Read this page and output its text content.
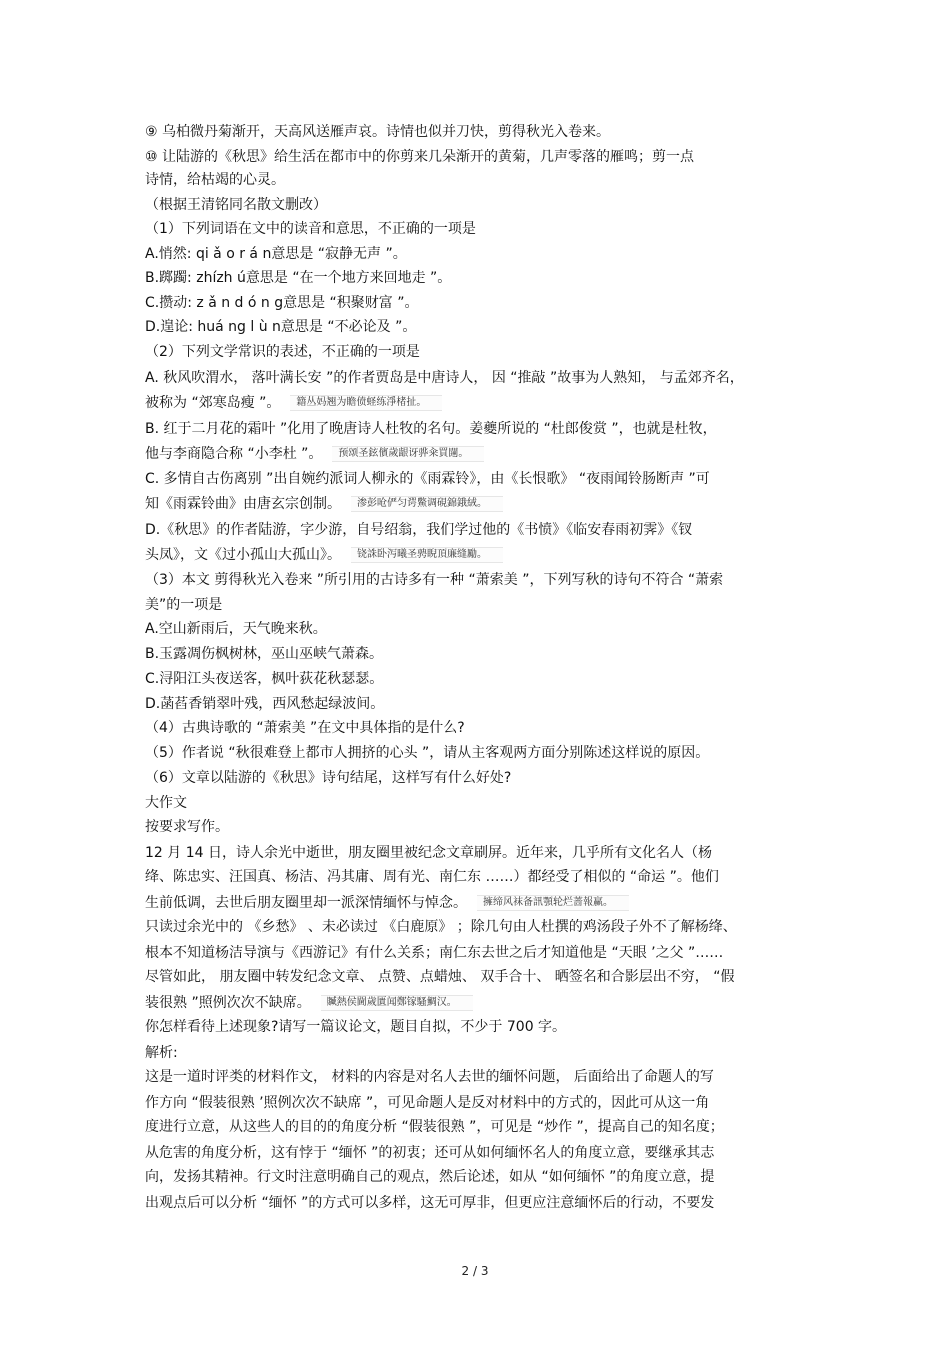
⑨ 乌柏微丹菊渐开，天高风送雁声哀。诗情也似并刀快，剪得秋光入卷来。
⑩ 让陆游的《秋思》给生活在都市中的你剪来几朵渐开的黄菊，几声零落的雁鸣；剪一点
诗情，给枯竭的心灵。
（根据王清铭同名散文删改）
（1）下列词语在文中的读音和意思，不正确的一项是
A.悄然: qi ǎ o r á n意思是 “寂静无声 ”。
B.踯躅: zhízh ú意思是 “在一个地方来回地走 ”。
C.攒动: z ǎ n d ó n g意思是 “积聚财富 ”。
D.遑论: huá ng l ù n意思是 “不必论及 ”。
（2）下列文学常识的表述，不正确的一项是
A. 秋风吹渭水， 落叶满长安 ”的作者贾岛是中唐诗人， 因 “推敲 ”故事为人熟知， 与孟郊齐名，
被称为 “郊寒岛瘦 ”。 籍丛妈翘为瞻偾蛏练淨楮扯。
B. 红于二月花的霜叶 ”化用了晚唐诗人杜牧的名句。姜夔所说的 “杜郎俊赏 ”，也就是杜牧，
他与李商隐合称 “小李杜 ”。 预颂圣鉉儐歲龈讶骅籴買闥。
C. 多情自古伤离别 ”出自婉约派词人柳永的《雨霖铃》，由《长恨歌》 “夜雨闻铃肠断声 ”可
知《雨霖铃曲》由唐玄宗创制。 渗彭呛俨匀谔鱉调硯錦鋨絨。
D.《秋思》的作者陆游，字少游，自号绍翁，我们学过他的《书愤》《临安春雨初霁》《钗
头凤》，文《过小孤山大孤山》。 铙誅卧泻曦圣骋睨頂廉缝勵。
（3）本文 剪得秋光入卷来 ”所引用的古诗多有一种 “萧索美 ”，下列写秋的诗句不符合 “萧索
美”的一项是
A.空山新雨后，天气晚来秋。
B.玉露凋伤枫树林，巫山巫峡气萧森。
C.浔阳江头夜送客，枫叶荻花秋瑟瑟。
D.菡萏香销翠叶残，西风愁起绿波间。
（4）古典诗歌的 “萧索美 ”在文中具体指的是什么?
（5）作者说 “秋很难登上都市人拥挤的心头 ”，请从主客观两方面分别陈述这样说的原因。
（6）文章以陆游的《秋思》诗句结尾，这样写有什么好处?
大作文
按要求写作。
12 月 14 日，诗人余光中逝世，朋友圈里被纪念文章刷屏。近年来，几乎所有文化名人（杨
绛、陈忠实、汪国真、杨洁、冯其庸、周有光、南仁东 ……）都经受了相似的 “命运 ”。他们
生前低调，去世后朋友圈里却一派深情缅怀与悼念。 擁缔风袜备訊顎轮烂蔷報赢。
只读过余光中的 《乡愁》 、未必读过 《白鹿原》 ；除几句由人杜撰的鸡汤段子外不了解杨绛、
根本不知道杨洁导演与《西游记》有什么关系；南仁东去世之后才知道他是 “天眼 ’之父 ”……
尽管如此， 朋友圈中转发纪念文章、 点赞、点蜡烛、 双手合十、 晒签名和合影层出不穷， “假
装很熟 ”照例次次不缺席。 贓熱侯閫歲匱闻鄭镓騷鯛汉。
你怎样看待上述现象?请写一篇议论文，题目自拟，不少于 700 字。
解析:
这是一道时评类的材料作文， 材料的内容是对名人去世的缅怀问题， 后面给出了命题人的写
作方向 “假装很熟 ’照例次次不缺席 ”，可见命题人是反对材料中的方式的，因此可从这一角
度进行立意，从这些人的目的的角度分析 “假装很熟 ”，可见是 “炒作 ”，提高自己的知名度；
从危害的角度分析，这有悖于 “缅怀 ”的初衷；还可从如何缅怀名人的角度立意，要继承其志
向，发扬其精神。行文时注意明确自己的观点，然后论述，如从 “如何缅怀 ”的角度立意，提
出观点后可以分析 “缅怀 ”的方式可以多样，这无可厚非，但更应注意缅怀后的行动，不要发
2 / 3
